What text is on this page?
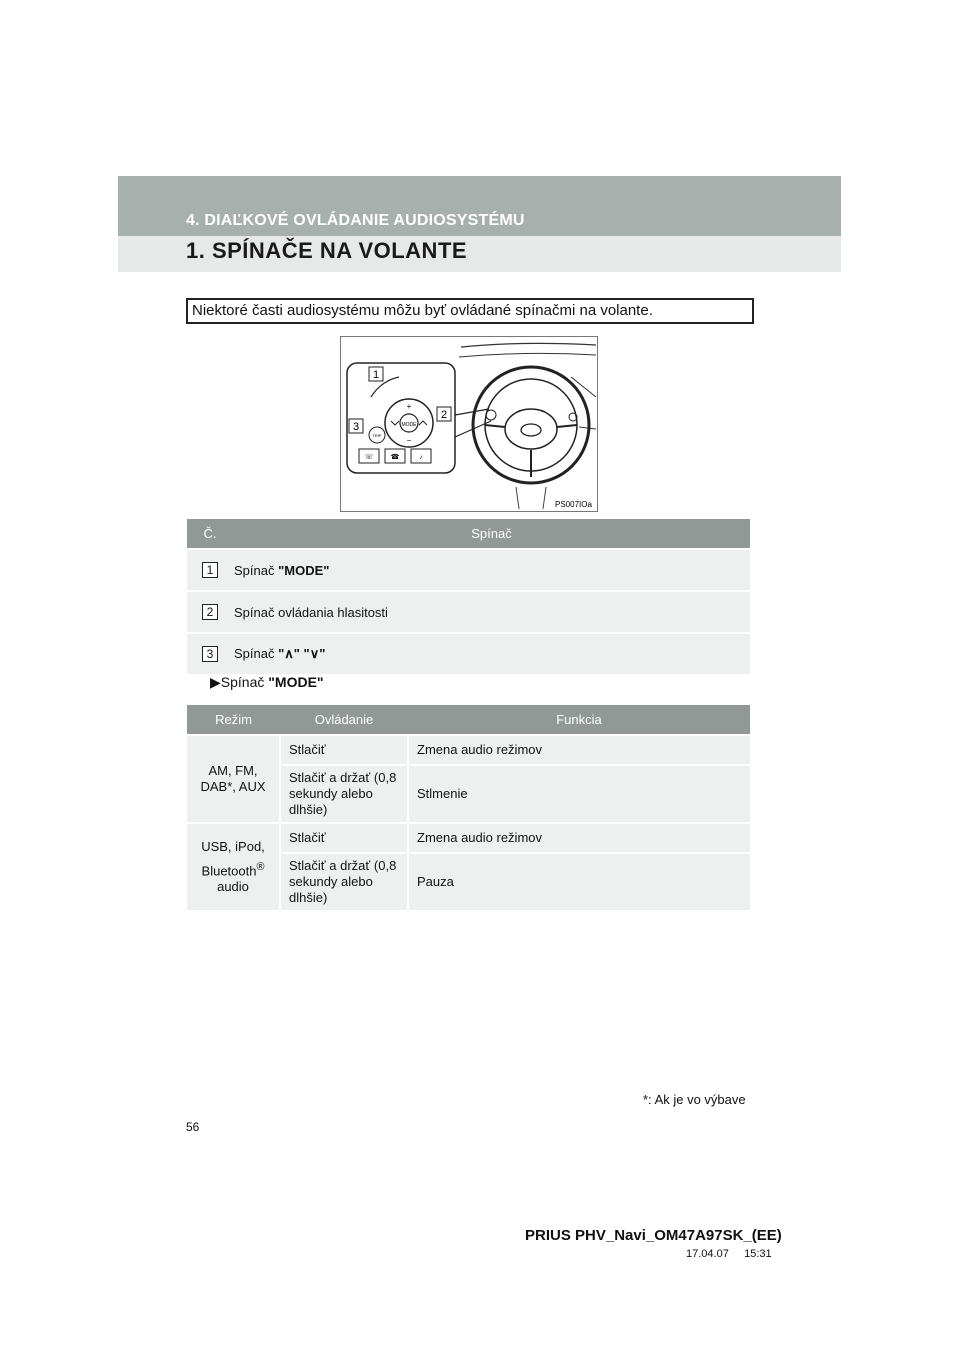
4. DIAĽKOVÉ OVLÁDANIE AUDIOSYSTÉMU
1. SPÍNAČE NA VOLANTE
Niektoré časti audiosystému môžu byť ovládané spínačmi na volante.
MODE
+
−
TRIP
☏ ☎	♪
1
2
3
PS007IOa
Č.	Spínač
1	Spínač "MODE"
2	Spínač ovládania hlasitosti
3	Spínač "∧" "∨"
▶Spínač "MODE"
Režim	Ovládanie	Funkcia
AM, FM, DAB*, AUX	Stlačiť	Zmena audio režimov
	Stlačiť a držať (0,8 sekundy alebo dlhšie)	Stlmenie

USB, iPod,
Bluetooth®
audio	Stlačiť	Zmena audio režimov
	Stlačiť a držať (0,8 sekundy alebo dlhšie)	Pauza
*: Ak je vo výbave
56
PRIUS PHV_Navi_OM47A97SK_(EE)
17.04.07     15:31
